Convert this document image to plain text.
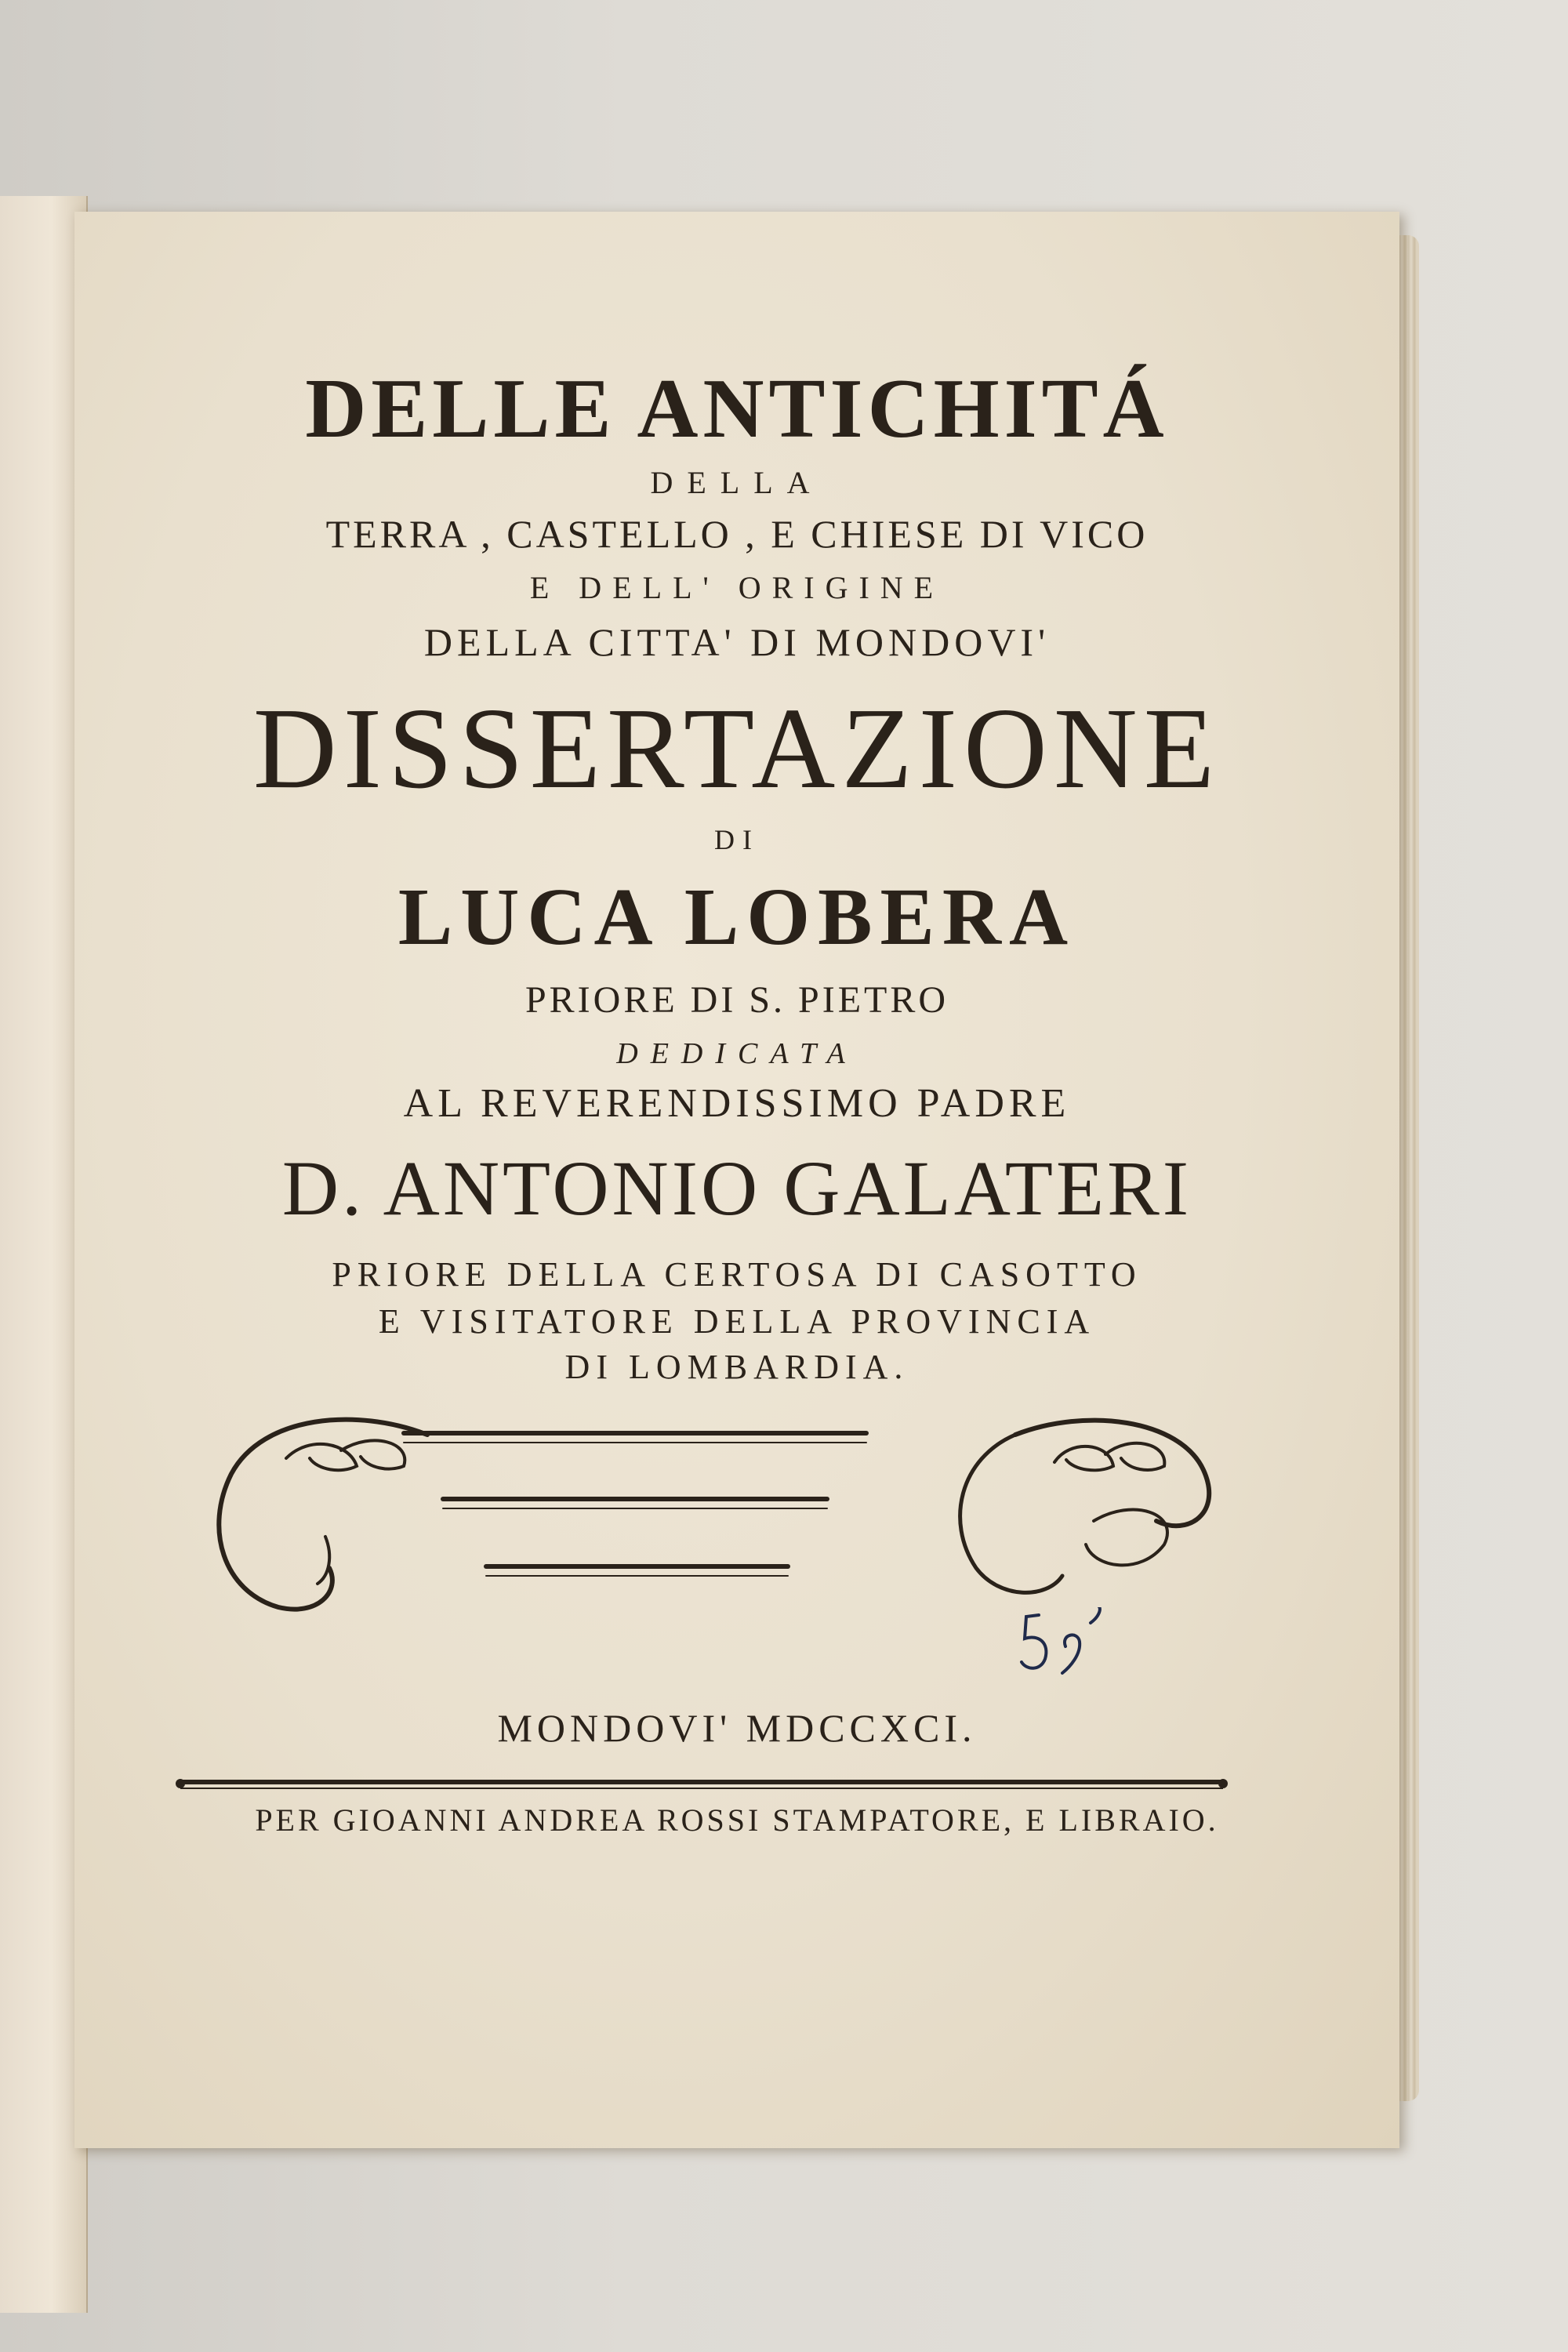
DELLE ANTICHITÁ

DELLA

TERRA , CASTELLO , E CHIESE DI VICO

E DELL' ORIGINE

DELLA CITTA' DI MONDOVI'

DISSERTAZIONE

DI

LUCA LOBERA

PRIORE DI S. PIETRO

DEDICATA

AL REVERENDISSIMO PADRE

D. ANTONIO GALATERI

PRIORE DELLA CERTOSA DI CASOTTO

E VISITATORE DELLA PROVINCIA

DI LOMBARDIA.

MONDOVI' MDCCXCI.

PER GIOANNI ANDREA ROSSI STAMPATORE, E LIBRAIO.
